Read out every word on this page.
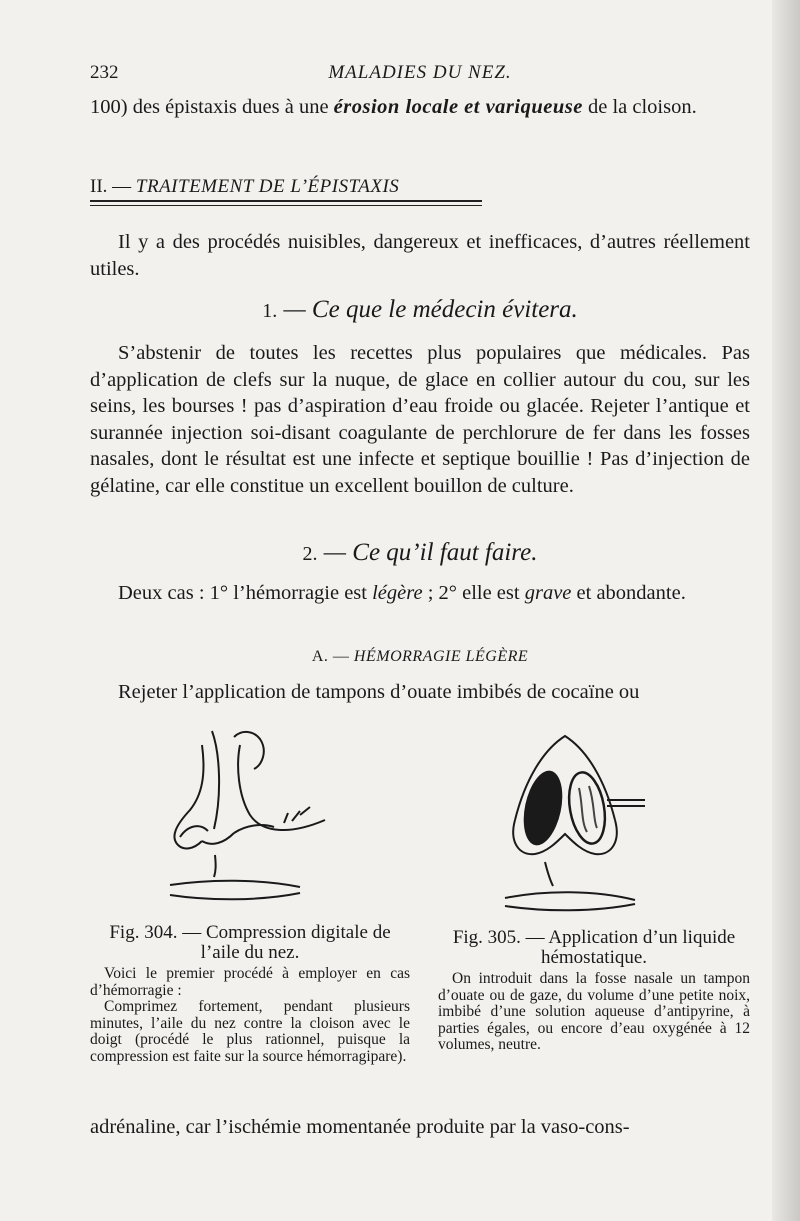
232	MALADIES DU NEZ.
100) des épistaxis dues à une érosion locale et variqueuse de la cloison.
II. — TRAITEMENT DE L’ÉPISTAXIS
Il y a des procédés nuisibles, dangereux et inefficaces, d’autres réellement utiles.
1. — Ce que le médecin évitera.
S’abstenir de toutes les recettes plus populaires que médicales. Pas d’application de clefs sur la nuque, de glace en collier autour du cou, sur les seins, les bourses ! pas d’aspiration d’eau froide ou glacée. Rejeter l’antique et surannée injection soi-disant coagulante de perchlorure de fer dans les fosses nasales, dont le résultat est une infecte et septique bouillie ! Pas d’injection de gélatine, car elle constitue un excellent bouillon de culture.
2. — Ce qu’il faut faire.
Deux cas : 1° l’hémorragie est légère ; 2° elle est grave et abondante.
A. — HÉMORRAGIE LÉGÈRE
Rejeter l’application de tampons d’ouate imbibés de cocaïne ou
Fig. 304. — Compression digitale de l’aile du nez.

Voici le premier procédé à employer en cas d’hémorragie :

Comprimez fortement, pendant plusieurs minutes, l’aile du nez contre la cloison avec le doigt (procédé le plus rationnel, puisque la compression est faite sur la source hémorragipare).

Fig. 305. — Application d’un liquide hémostatique.

On introduit dans la fosse nasale un tampon d’ouate ou de gaze, du volume d’une petite noix, imbibé d’une solution aqueuse d’antipyrine, à parties égales, ou encore d’eau oxygénée à 12 volumes, neutre.

adrénaline, car l’ischémie momentanée produite par la vaso-cons-
